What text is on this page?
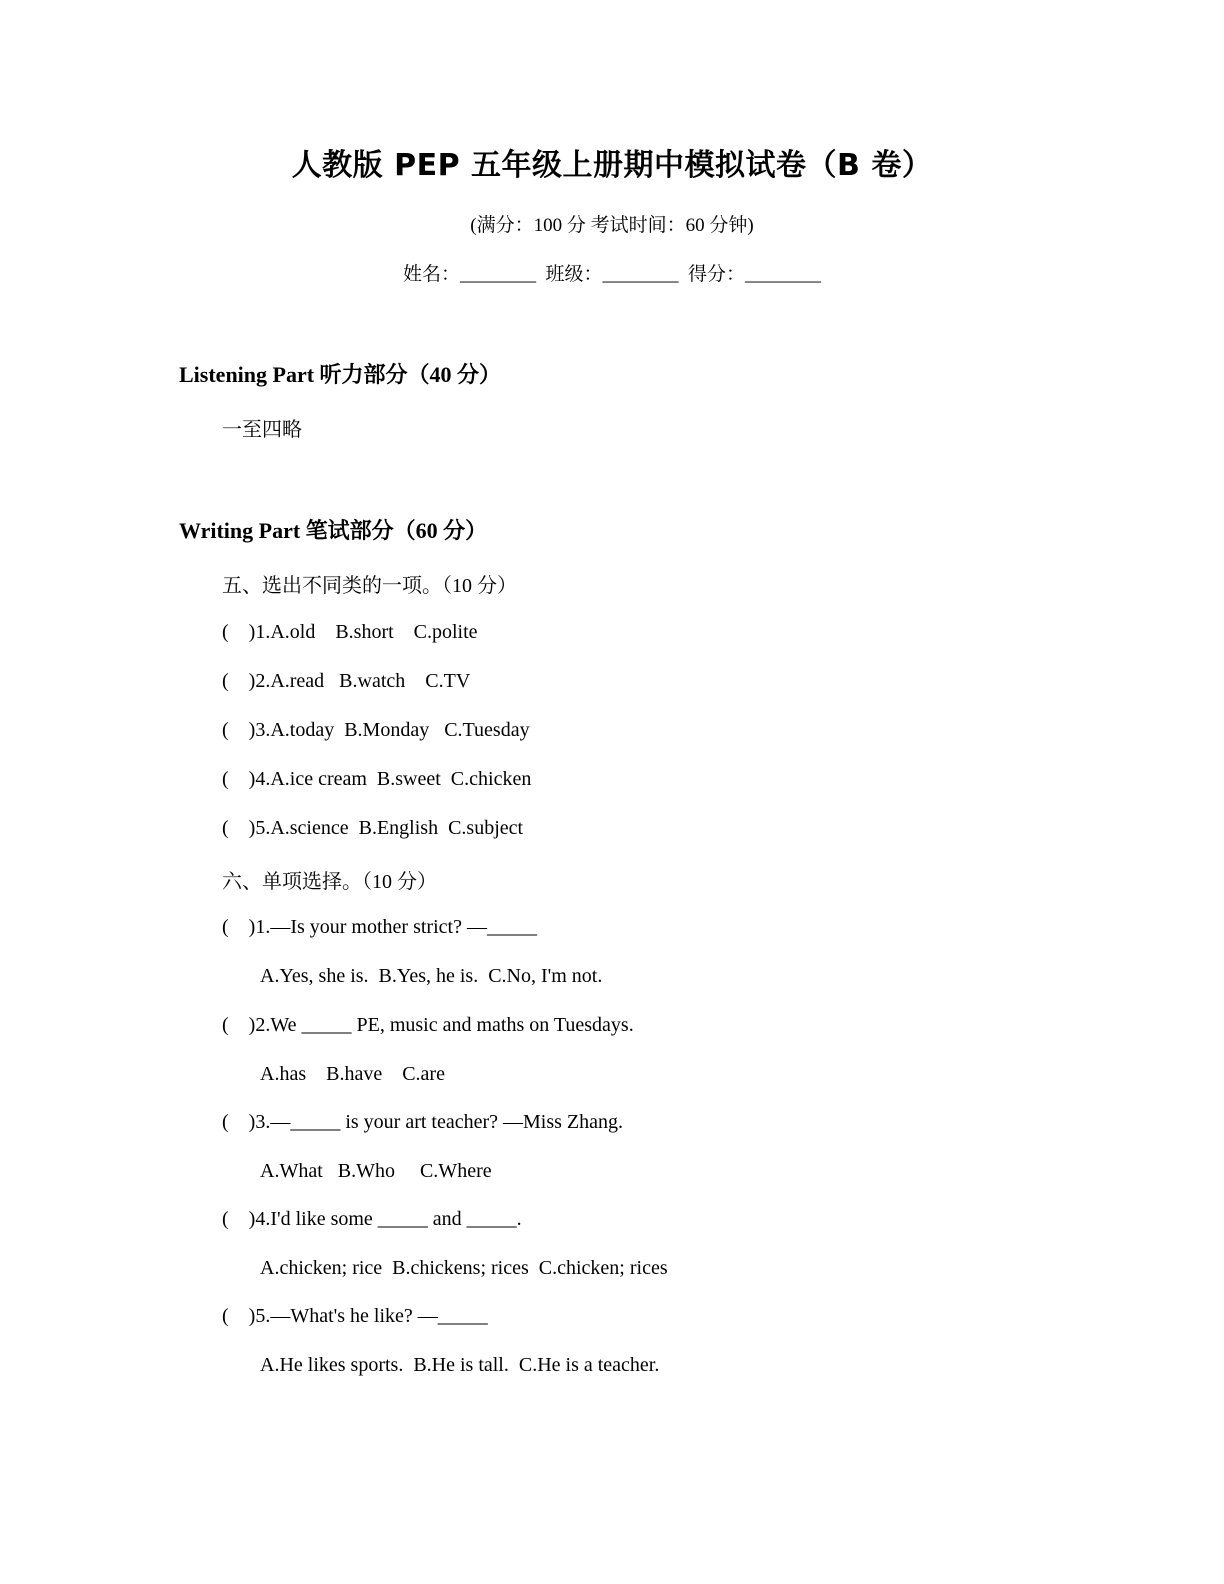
人教版 PEP 五年级上册期中模拟试卷（B 卷）
(满分：100 分 考试时间：60 分钟)
姓名：________  班级：________  得分：________
Listening Part 听力部分（40 分）
一至四略
Writing Part 笔试部分（60 分）
五、选出不同类的一项。（10 分）
(    )1.A.old    B.short    C.polite
(    )2.A.read   B.watch    C.TV
(    )3.A.today  B.Monday   C.Tuesday
(    )4.A.ice cream  B.sweet  C.chicken
(    )5.A.science  B.English  C.subject
六、单项选择。（10 分）
(    )1.—Is your mother strict? —_____
A.Yes, she is.  B.Yes, he is.  C.No, I'm not.
(    )2.We _____ PE, music and maths on Tuesdays.
A.has    B.have    C.are
(    )3.—_____ is your art teacher? —Miss Zhang.
A.What   B.Who     C.Where
(    )4.I'd like some _____ and _____.
A.chicken; rice  B.chickens; rices  C.chicken; rices
(    )5.—What's he like? —_____
A.He likes sports.  B.He is tall.  C.He is a teacher.
